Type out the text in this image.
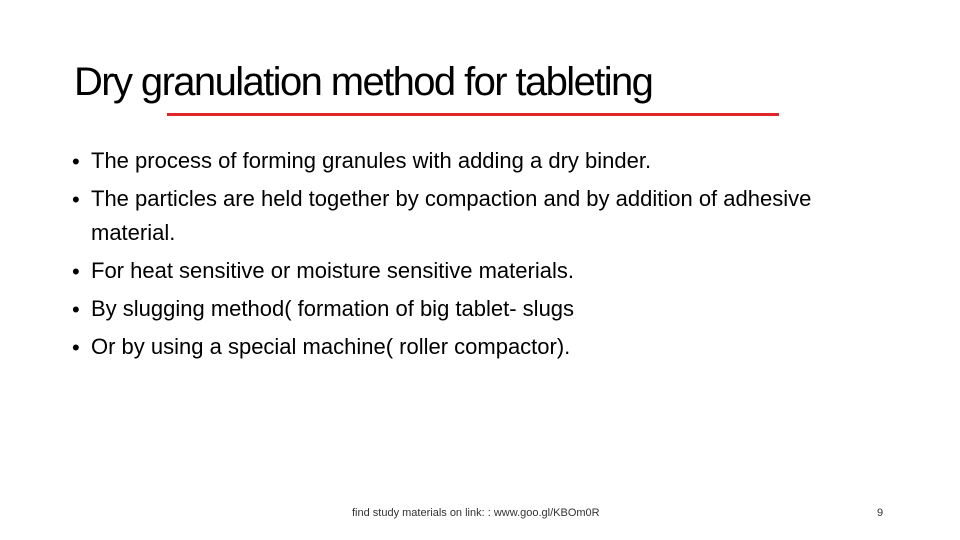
Dry granulation method for tableting
• The process of forming granules with adding a dry binder.
• The particles are held together by compaction and by addition of adhesive material.
• For heat sensitive or moisture sensitive materials.
• By slugging method( formation of big tablet- slugs
• Or by using a special machine( roller compactor).
find study materials on link: : www.goo.gl/KBOm0R	9
